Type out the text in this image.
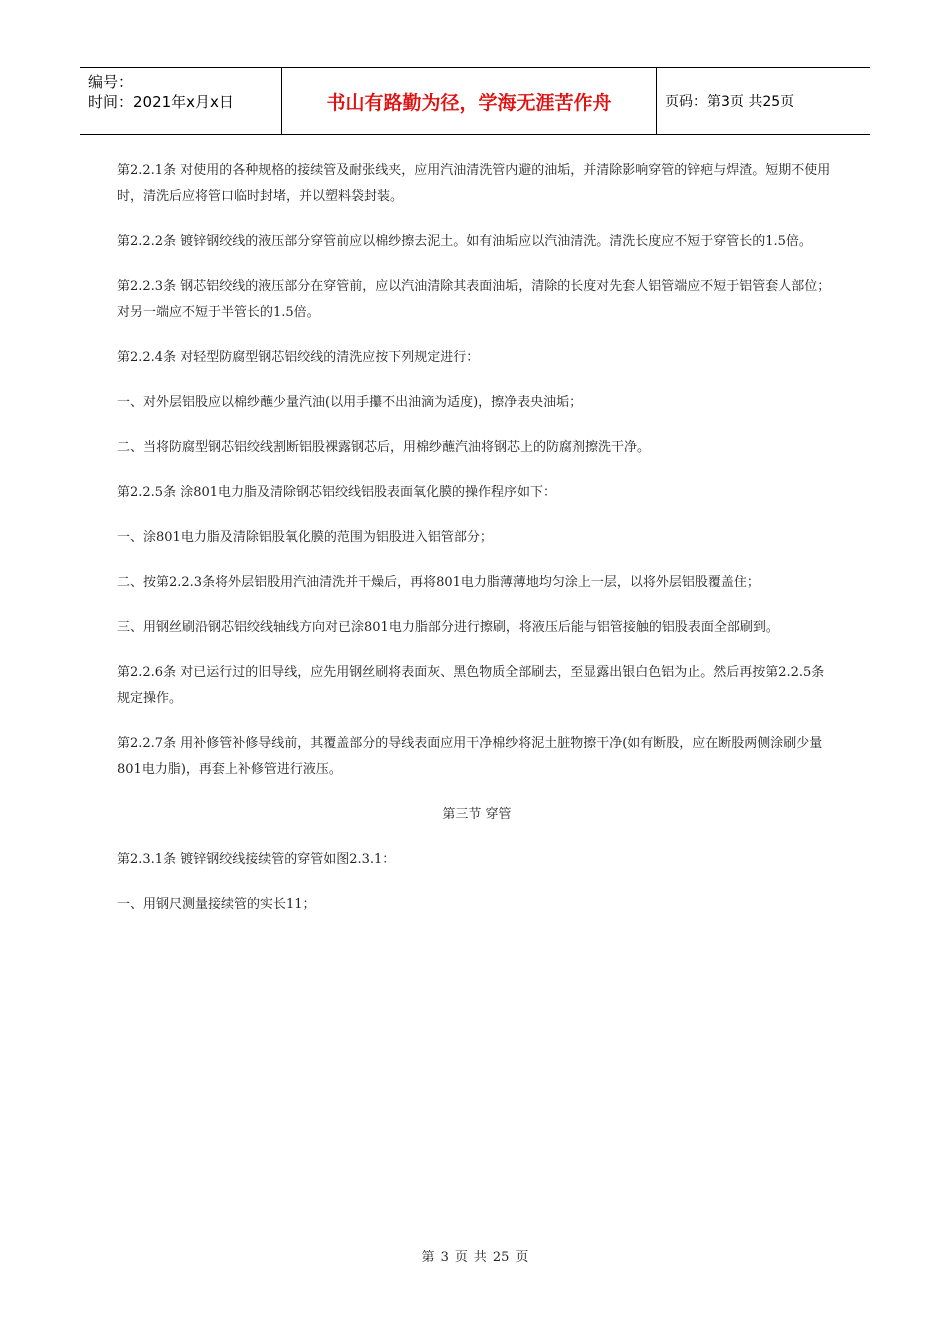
编号：
时间：2021年x月x日	书山有路勤为径，学海无涯苦作舟	页码：第3页 共25页

第2.2.1条 对使用的各种规格的接续管及耐张线夹，应用汽油清洗管内避的油垢，并清除影响穿管的锌疤与焊渣。短期不使用时，清洗后应将管口临时封堵，并以塑料袋封装。

第2.2.2条 镀锌钢绞线的液压部分穿管前应以棉纱擦去泥土。如有油垢应以汽油清洗。清洗长度应不短于穿管长的1.5倍。

第2.2.3条 钢芯铝绞线的液压部分在穿管前，应以汽油清除其表面油垢，清除的长度对先套人铝管端应不短于铝管套人部位；对另一端应不短于半管长的1.5倍。

第2.2.4条 对轻型防腐型钢芯铝绞线的清洗应按下列规定进行：

一、对外层铝股应以棉纱蘸少量汽油(以用手攥不出油滴为适度)，擦净表央油垢；

二、当将防腐型钢芯铝绞线割断铝股裸露钢芯后，用棉纱蘸汽油将钢芯上的防腐剂擦洗干净。

第2.2.5条 涂801电力脂及清除钢芯铝绞线铝股表面氧化膜的操作程序如下：

一、涂801电力脂及清除铝股氧化膜的范围为铝股进入铝管部分；

二、按第2.2.3条将外层铝股用汽油清洗并干燥后，再将801电力脂薄薄地均匀涂上一层，以将外层铝股覆盖住；

三、用钢丝刷沿钢芯铝绞线轴线方向对已涂801电力脂部分进行擦刷，将液压后能与铝管接触的铝股表面全部刷到。

第2.2.6条 对已运行过的旧导线，应先用钢丝刷将表面灰、黑色物质全部刷去，至显露出银白色铝为止。然后再按第2.2.5条规定操作。

第2.2.7条 用补修管补修导线前，其覆盖部分的导线表面应用干净棉纱将泥土脏物擦干净(如有断股，应在断股两侧涂刷少量801电力脂)，再套上补修管进行液压。

第三节 穿管

第2.3.1条 镀锌钢绞线接续管的穿管如图2.3.1：

一、用钢尺测量接续管的实长11；

第 3 页 共 25 页
